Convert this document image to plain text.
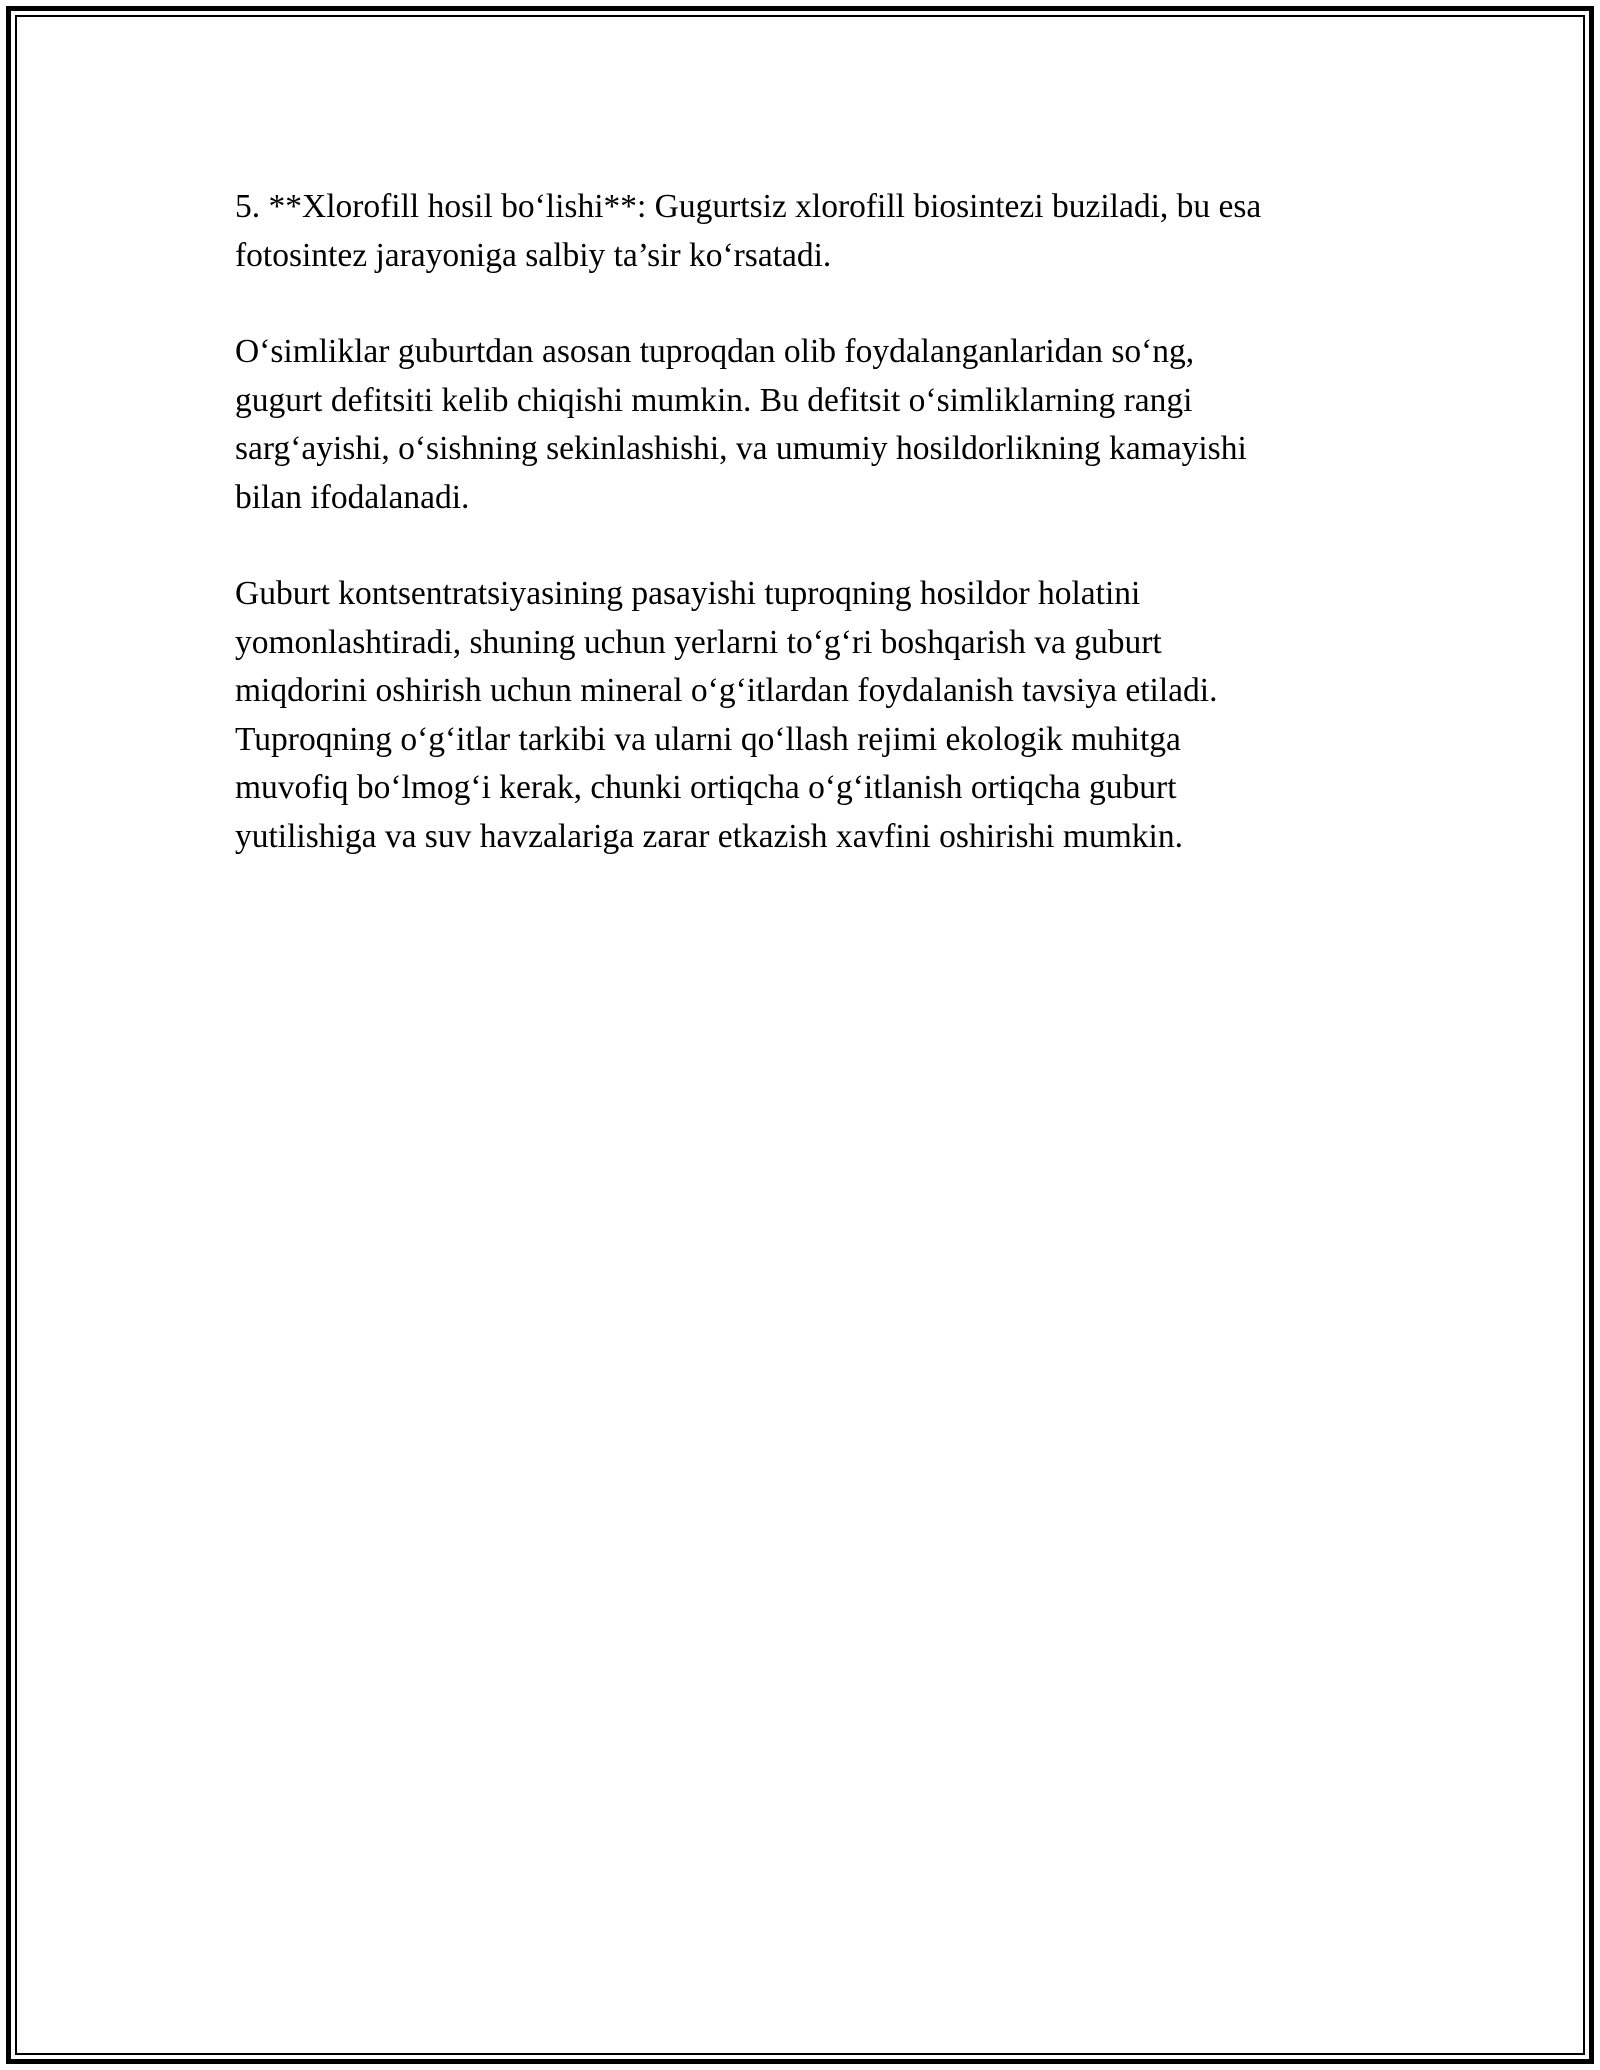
5. **Xlorofill hosil bo‘lishi**: Gugurtsiz xlorofill biosintezi buziladi, bu esa
fotosintez jarayoniga salbiy ta’sir ko‘rsatadi.

O‘simliklar guburtdan asosan tuproqdan olib foydalanganlaridan so‘ng,
gugurt defitsiti kelib chiqishi mumkin. Bu defitsit o‘simliklarning rangi
sarg‘ayishi, o‘sishning sekinlashishi, va umumiy hosildorlikning kamayishi
bilan ifodalanadi.

Guburt kontsentratsiyasining pasayishi tuproqning hosildor holatini
yomonlashtiradi, shuning uchun yerlarni to‘g‘ri boshqarish va guburt
miqdorini oshirish uchun mineral o‘g‘itlardan foydalanish tavsiya etiladi.
Tuproqning o‘g‘itlar tarkibi va ularni qo‘llash rejimi ekologik muhitga
muvofiq bo‘lmog‘i kerak, chunki ortiqcha o‘g‘itlanish ortiqcha guburt
yutilishiga va suv havzalariga zarar etkazish xavfini oshirishi mumkin.
